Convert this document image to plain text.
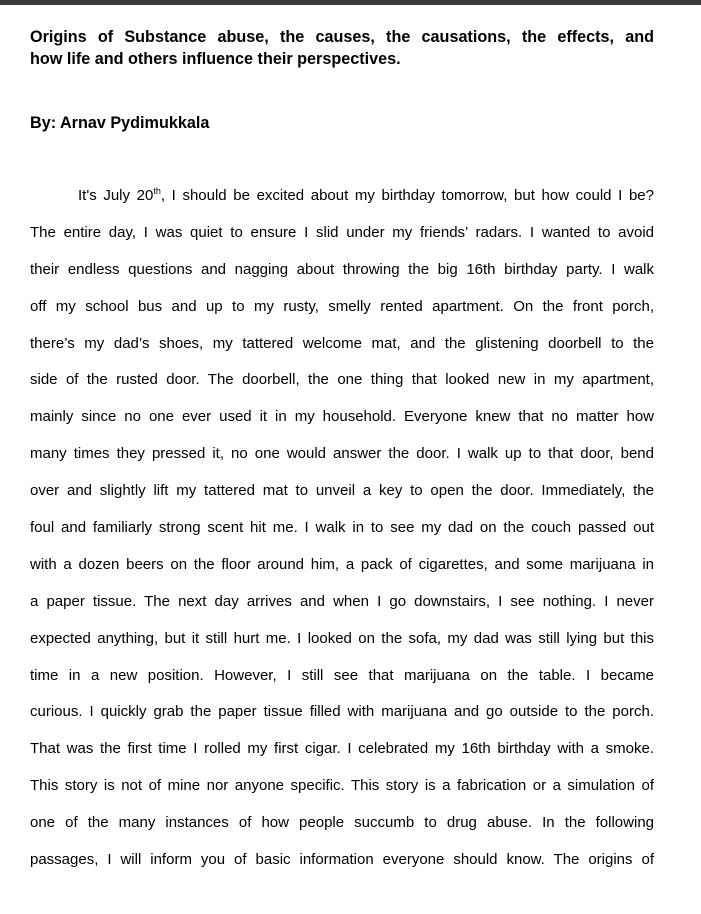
Origins of Substance abuse, the causes, the causations, the effects, and
how life and others influence their perspectives.

By: Arnav Pydimukkala

It's July 20th, I should be excited about my birthday tomorrow, but how could I be?
The entire day, I was quiet to ensure I slid under my friends’ radars. I wanted to avoid
their endless questions and nagging about throwing the big 16th birthday party. I walk
off my school bus and up to my rusty, smelly rented apartment. On the front porch,
there’s my dad’s shoes, my tattered welcome mat, and the glistening doorbell to the
side of the rusted door. The doorbell, the one thing that looked new in my apartment,
mainly since no one ever used it in my household. Everyone knew that no matter how
many times they pressed it, no one would answer the door. I walk up to that door, bend
over and slightly lift my tattered mat to unveil a key to open the door. Immediately, the
foul and familiarly strong scent hit me. I walk in to see my dad on the couch passed out
with a dozen beers on the floor around him, a pack of cigarettes, and some marijuana in
a paper tissue. The next day arrives and when I go downstairs, I see nothing. I never
expected anything, but it still hurt me. I looked on the sofa, my dad was still lying but this
time in a new position. However, I still see that marijuana on the table. I became
curious. I quickly grab the paper tissue filled with marijuana and go outside to the porch.
That was the first time I rolled my first cigar. I celebrated my 16th birthday with a smoke.
This story is not of mine nor anyone specific. This story is a fabrication or a simulation of
one of the many instances of how people succumb to drug abuse. In the following
passages, I will inform you of basic information everyone should know. The origins of
